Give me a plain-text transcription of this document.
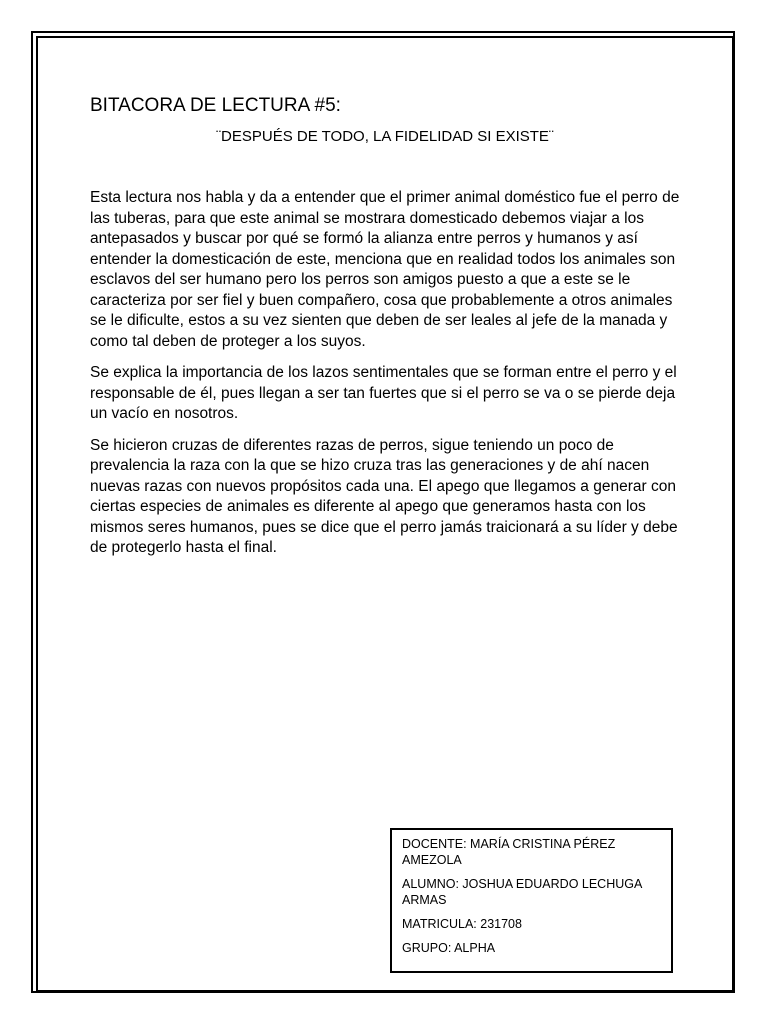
BITACORA DE LECTURA #5:
¨DESPUÉS DE TODO, LA FIDELIDAD SI EXISTE¨

Esta lectura nos habla y da a entender que el primer animal doméstico fue el perro de las tuberas, para que este animal se mostrara domesticado debemos viajar a los antepasados y buscar por qué se formó la alianza entre perros y humanos y así entender la domesticación de este, menciona que en realidad todos los animales son esclavos del ser humano pero los perros son amigos puesto a que a este se le caracteriza por ser fiel y buen compañero, cosa que probablemente a otros animales se le dificulte, estos a su vez sienten que deben de ser leales al jefe de la manada y como tal deben de proteger a los suyos.

Se explica la importancia de los lazos sentimentales que se forman entre el perro y el responsable de él, pues llegan a ser tan fuertes que si el perro se va o se pierde deja un vacío en nosotros.

Se hicieron cruzas de diferentes razas de perros, sigue teniendo un poco de prevalencia la raza con la que se hizo cruza tras las generaciones y de ahí nacen nuevas razas con nuevos propósitos cada una. El apego que llegamos a generar con ciertas especies de animales es diferente al apego que generamos hasta con los mismos seres humanos, pues se dice que el perro jamás traicionará a su líder y debe de protegerlo hasta el final.

DOCENTE: MARÍA CRISTINA PÉREZ AMEZOLA

ALUMNO: JOSHUA EDUARDO LECHUGA ARMAS

MATRICULA: 231708

GRUPO: ALPHA
